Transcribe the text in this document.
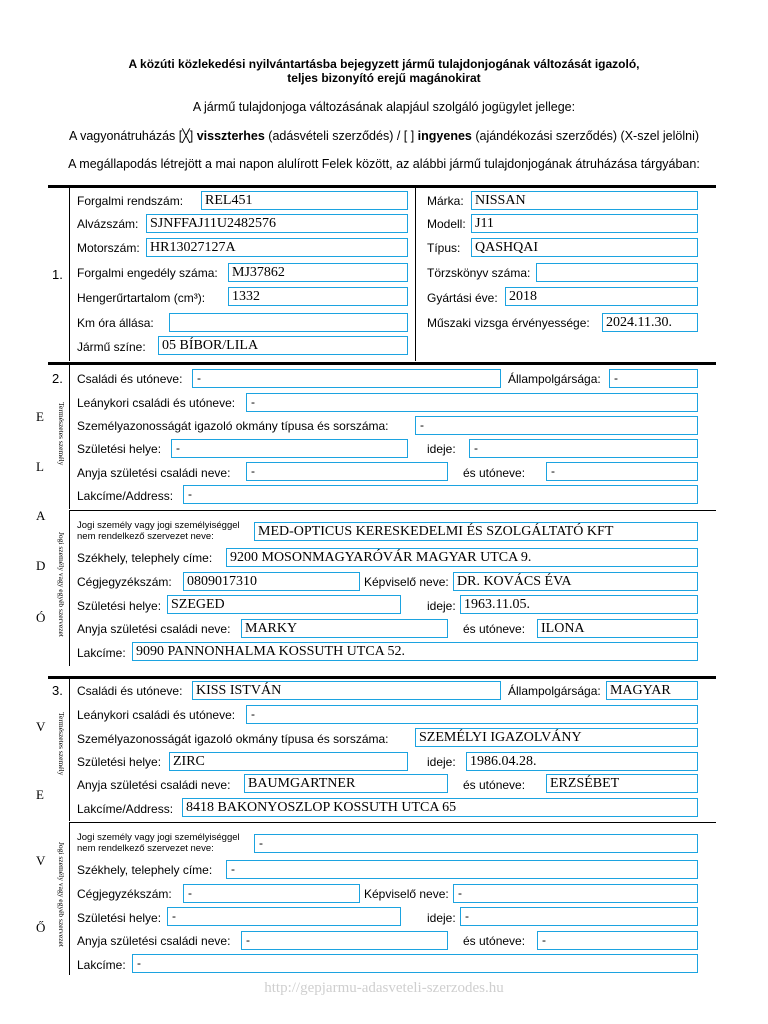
A közúti közlekedési nyilvántartásba bejegyzett jármű tulajdonjogának változását igazoló,
teljes bizonyító erejű magánokirat
A jármű tulajdonjoga változásának alapjául szolgáló jogügylet jellege:
A vagyonátruházás [╳] visszterhes (adásvételi szerződés) / [ ] ingyenes (ajándékozási szerződés) (X-szel jelölni)
A megállapodás létrejött a mai napon alulírott Felek között, az alábbi jármű tulajdonjogának átruházása tárgyában:
1.
Forgalmi rendszám: REL451	Márka: NISSAN
Alvázszám: SJNFFAJ11U2482576	Modell: J11
Motorszám: HR13027127A	Típus: QASHQAI
Forgalmi engedély száma: MJ37862	Törzskönyv száma:
Hengerűrtartalom (cm³): 1332	Gyártási éve: 2018
Km óra állása:	Műszaki vizsga érvényessége: 2024.11.30.
Jármű színe: 05 BÍBOR/LILA
2.
E
L
A
D
Ó
Természetes személy
Jogi személy vagy egyéb szervezet
Családi és utóneve:	-	Állampolgársága:	-
Leánykori családi és utóneve:	-
Személyazonosságát igazoló okmány típusa és sorszáma:	-
Születési helye:	-	ideje:	-
Anyja születési családi neve:	-	és utóneve:	-
Lakcíme/Address:	-
Jogi személy vagy jogi személyiséggel
nem rendelkező szervezet neve:	MED-OPTICUS KERESKEDELMI ÉS SZOLGÁLTATÓ KFT
Székhely, telephely címe: 9200 MOSONMAGYARÓVÁR MAGYAR UTCA 9.
Cégjegyzékszám: 0809017310	Képviselő neve: DR. KOVÁCS ÉVA
Születési helye: SZEGED	ideje: 1963.11.05.
Anyja születési családi neve: MARKY	és utóneve: ILONA
Lakcíme: 9090 PANNONHALMA KOSSUTH UTCA 52.
3.
V
E
V
Ő
Természetes személy
Jogi személy vagy egyéb szervezet
Családi és utóneve: KISS ISTVÁN	Állampolgársága: MAGYAR
Leánykori családi és utóneve:	-
Személyazonosságát igazoló okmány típusa és sorszáma: SZEMÉLYI IGAZOLVÁNY
Születési helye: ZIRC	ideje: 1986.04.28.
Anyja születési családi neve: BAUMGARTNER	és utóneve: ERZSÉBET
Lakcíme/Address: 8418 BAKONYOSZLOP KOSSUTH UTCA 65
Jogi személy vagy jogi személyiséggel
nem rendelkező szervezet neve:	-
Székhely, telephely címe:	-
Cégjegyzékszám:	-	Képviselő neve: -
Születési helye: -	ideje: -
Anyja születési családi neve:	-	és utóneve:	-
Lakcíme: -
http://gepjarmu-adasveteli-szerzodes.hu
